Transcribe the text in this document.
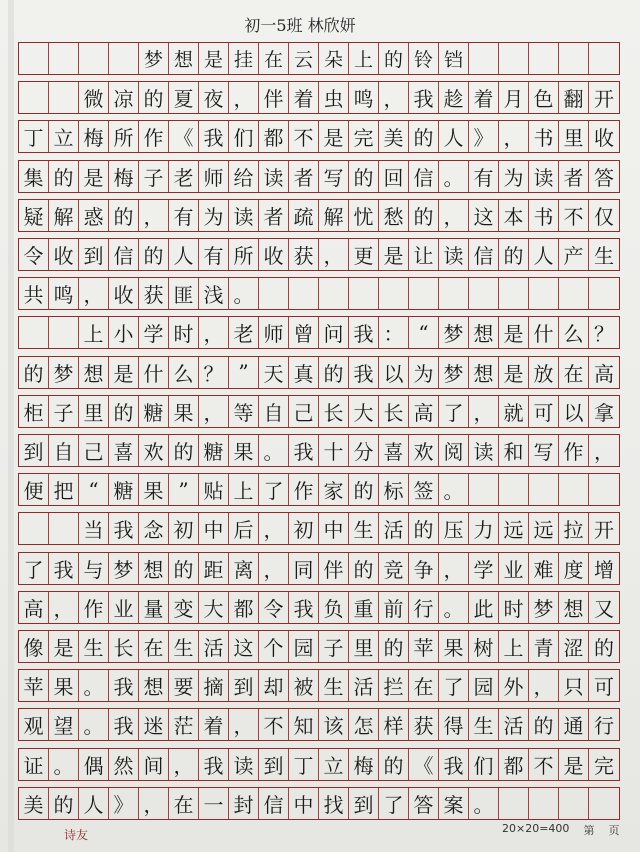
初一5班 林欣妍
梦 想 是 挂 在 云 朵 上 的 铃 铛
微 凉 的 夏 夜 ， 伴 着 虫 鸣 ， 我 趁 着 月 色 翻 开
丁 立 梅 所 作 《 我 们 都 不 是 完 美 的 人 》 ， 书 里 收
集 的 是 梅 子 老 师 给 读 者 写 的 回 信 。 有 为 读 者 答
疑 解 惑 的 ， 有 为 读 者 疏 解 忧 愁 的 ， 这 本 书 不 仅
令 收 到 信 的 人 有 所 收 获 ， 更 是 让 读 信 的 人 产 生
共 鸣 ， 收 获 匪 浅 。
上 小 学 时 ， 老 师 曾 问 我 ： “ 梦 想 是 什 么 ？
的 梦 想 是 什 么 ？ ” 天 真 的 我 以 为 梦 想 是 放 在 高
柜 子 里 的 糖 果 ， 等 自 己 长 大 长 高 了 ， 就 可 以 拿
到 自 己 喜 欢 的 糖 果 。 我 十 分 喜 欢 阅 读 和 写 作 ，
便 把 “ 糖 果 ” 贴 上 了 作 家 的 标 签 。
当 我 念 初 中 后 ， 初 中 生 活 的 压 力 远 远 拉 开
了 我 与 梦 想 的 距 离 ， 同 伴 的 竞 争 ， 学 业 难 度 增
高 ， 作 业 量 变 大 都 令 我 负 重 前 行 。 此 时 梦 想 又
像 是 生 长 在 生 活 这 个 园 子 里 的 苹 果 树 上 青 涩 的
苹 果 。 我 想 要 摘 到 却 被 生 活 拦 在 了 园 外 ， 只 可
观 望 。 我 迷 茫 着 ， 不 知 该 怎 样 获 得 生 活 的 通 行
证 。 偶 然 间 ， 我 读 到 丁 立 梅 的 《 我 们 都 不 是 完
美 的 人 》 ， 在 一 封 信 中 找 到 了 答 案 。
诗友	20×20=400 第 页
